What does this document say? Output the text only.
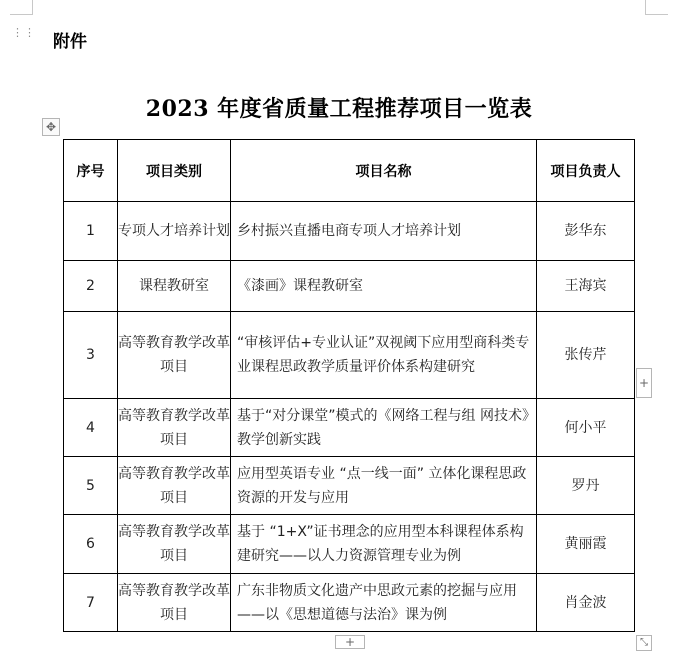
⋮⋮ 附件
2023 年度省质量工程推荐项目一览表
✥
序号	项目类别	项目名称	项目负责人
1	专项人才培养计划	乡村振兴直播电商专项人才培养计划	彭华东
2	课程教研室	《漆画》课程教研室	王海宾
3	高等教育教学改革项目	“审核评估+专业认证”双视阈下应用型商科类专业课程思政教学质量评价体系构建研究	张传芹
4	高等教育教学改革项目	基于“对分课堂”模式的《网络工程与组 网技术》教学创新实践	何小平
5	高等教育教学改革项目	应用型英语专业 “点一线一面” 立体化课程思政资源的开发与应用	罗丹
6	高等教育教学改革项目	基于 “1+X”证书理念的应用型本科课程体系构建研究——以人力资源管理专业为例	黄丽霞
7	高等教育教学改革项目	广东非物质文化遗产中思政元素的挖掘与应用——以《思想道德与法治》课为例	肖金波
+
+	⤡
